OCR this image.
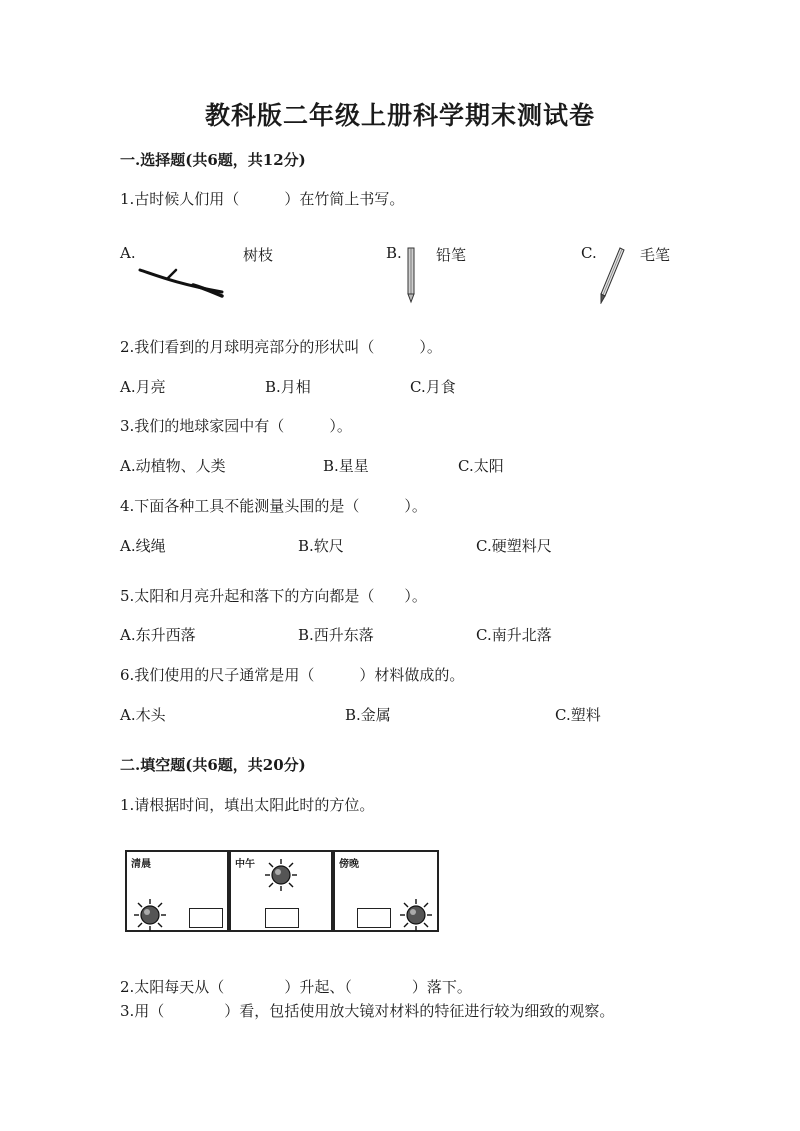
教科版二年级上册科学期末测试卷
一.选择题(共6题，共12分)
1.古时候人们用（　　　）在竹简上书写。
A.	树枝	B. 铅笔	C.	毛笔
2.我们看到的月球明亮部分的形状叫（　　　）。
A.月亮	B.月相	C.月食
3.我们的地球家园中有（　　　）。
A.动植物、人类	B.星星	C.太阳
4.下面各种工具不能测量头围的是（　　　）。
A.线绳	B.软尺	C.硬塑料尺
5.太阳和月亮升起和落下的方向都是（　　）。
A.东升西落	B.西升东落	C.南升北落
6.我们使用的尺子通常是用（　　　）材料做成的。
A.木头	B.金属	C.塑料
二.填空题(共6题，共20分)
1.请根据时间，填出太阳此时的方位。
清晨	中午	傍晚
2.太阳每天从（　　　　）升起、（　　　　）落下。
3.用（　　　　）看，包括使用放大镜对材料的特征进行较为细致的观察。
